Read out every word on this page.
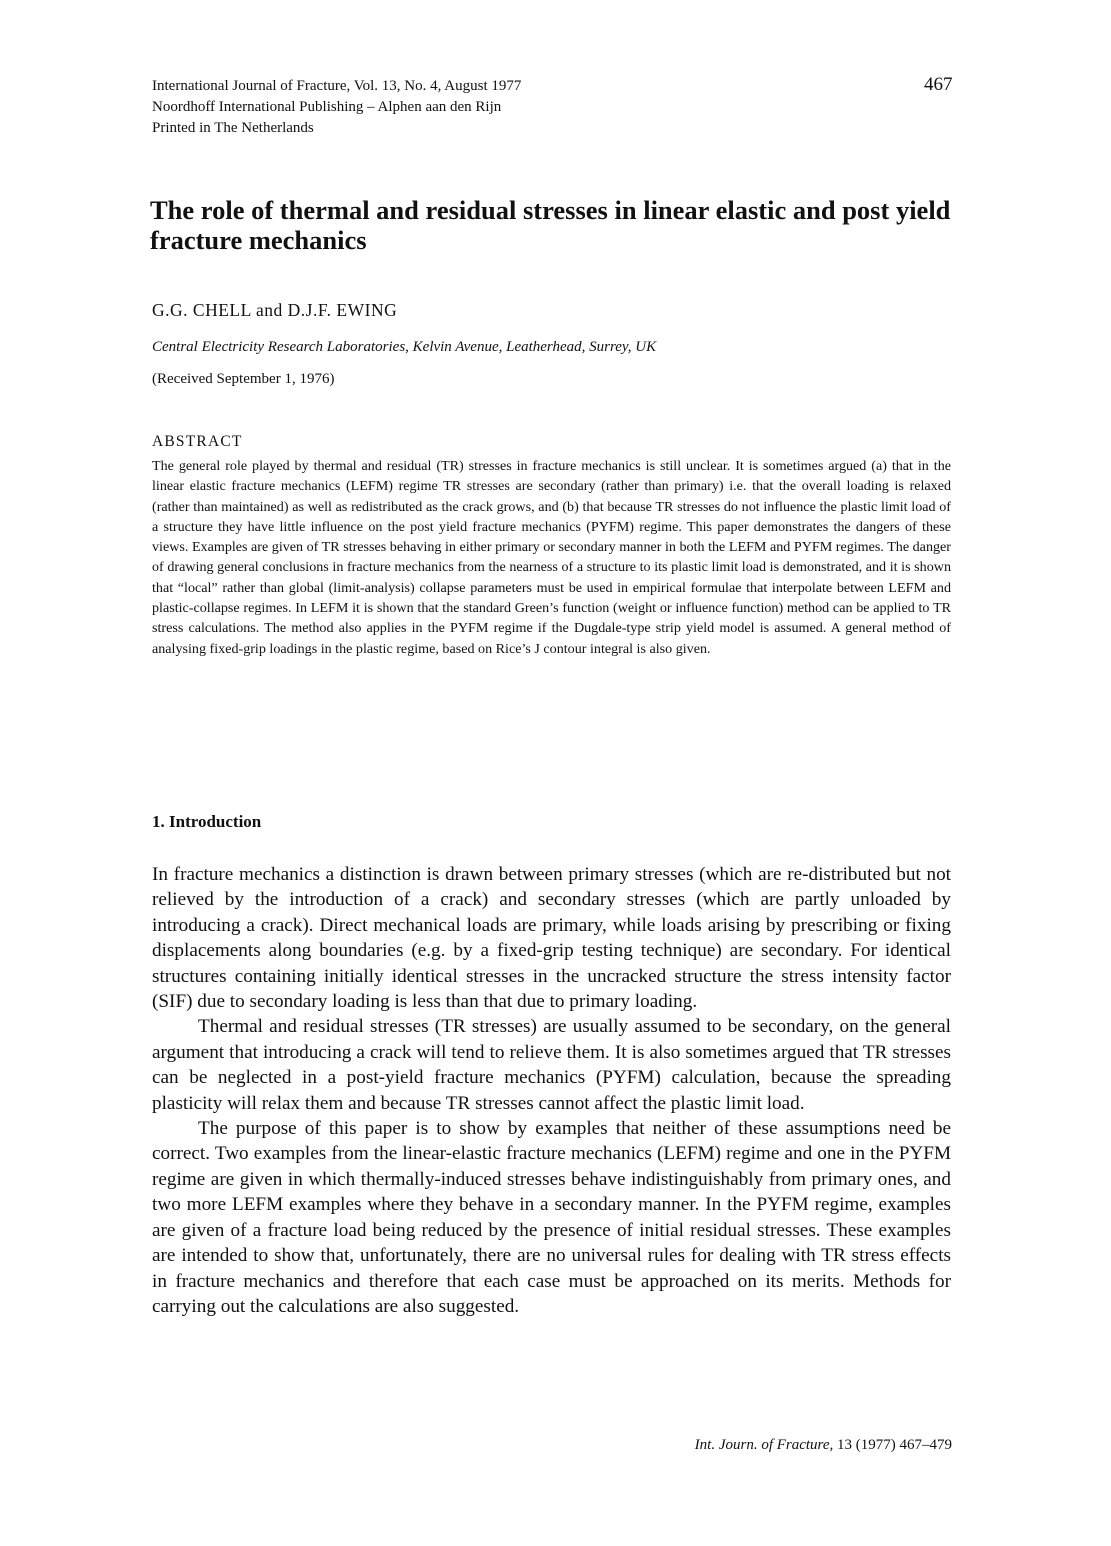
International Journal of Fracture, Vol. 13, No. 4, August 1977
Noordhoff International Publishing – Alphen aan den Rijn
Printed in The Netherlands
467
The role of thermal and residual stresses in linear elastic and post yield fracture mechanics
G.G. CHELL and D.J.F. EWING
Central Electricity Research Laboratories, Kelvin Avenue, Leatherhead, Surrey, UK
(Received September 1, 1976)
ABSTRACT

The general role played by thermal and residual (TR) stresses in fracture mechanics is still unclear. It is sometimes argued (a) that in the linear elastic fracture mechanics (LEFM) regime TR stresses are secondary (rather than primary) i.e. that the overall loading is relaxed (rather than maintained) as well as redistributed as the crack grows, and (b) that because TR stresses do not influence the plastic limit load of a structure they have little influence on the post yield fracture mechanics (PYFM) regime. This paper demonstrates the dangers of these views. Examples are given of TR stresses behaving in either primary or secondary manner in both the LEFM and PYFM regimes. The danger of drawing general conclusions in fracture mechanics from the nearness of a structure to its plastic limit load is demonstrated, and it is shown that “local” rather than global (limit-analysis) collapse parameters must be used in empirical formulae that interpolate between LEFM and plastic-collapse regimes. In LEFM it is shown that the standard Green’s function (weight or influence function) method can be applied to TR stress calculations. The method also applies in the PYFM regime if the Dugdale-type strip yield model is assumed. A general method of analysing fixed-grip loadings in the plastic regime, based on Rice’s J contour integral is also given.

1. Introduction

In fracture mechanics a distinction is drawn between primary stresses (which are re-distributed but not relieved by the introduction of a crack) and secondary stresses (which are partly unloaded by introducing a crack). Direct mechanical loads are primary, while loads arising by prescribing or fixing displacements along boundaries (e.g. by a fixed-grip testing technique) are secondary. For identical structures containing initially identical stresses in the uncracked structure the stress intensity factor (SIF) due to secondary loading is less than that due to primary loading.

Thermal and residual stresses (TR stresses) are usually assumed to be secondary, on the general argument that introducing a crack will tend to relieve them. It is also sometimes argued that TR stresses can be neglected in a post-yield fracture mechanics (PYFM) calculation, because the spreading plasticity will relax them and because TR stresses cannot affect the plastic limit load.

The purpose of this paper is to show by examples that neither of these assumptions need be correct. Two examples from the linear-elastic fracture mechanics (LEFM) regime and one in the PYFM regime are given in which thermally-induced stresses behave indistinguishably from primary ones, and two more LEFM examples where they behave in a secondary manner. In the PYFM regime, examples are given of a fracture load being reduced by the presence of initial residual stresses. These examples are intended to show that, unfortunately, there are no universal rules for dealing with TR stress effects in fracture mechanics and therefore that each case must be approached on its merits. Methods for carrying out the calculations are also suggested.

Int. Journ. of Fracture, 13 (1977) 467–479
